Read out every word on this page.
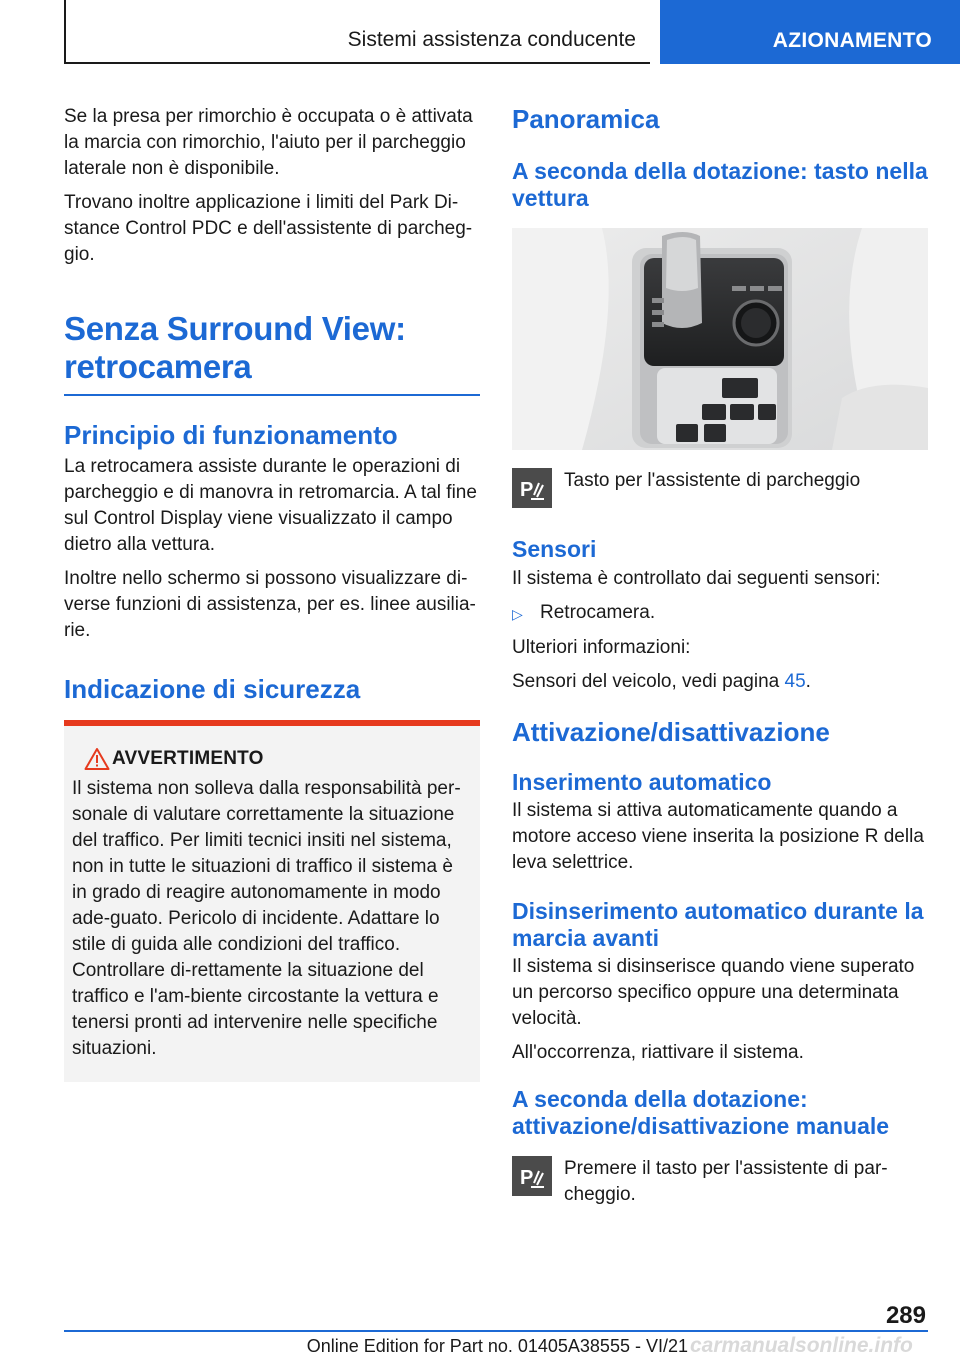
Sistemi assistenza conducente	AZIONAMENTO

Se la presa per rimorchio è occupata o è attivata la marcia con rimorchio, l'aiuto per il parcheggio laterale non è disponibile.

Trovano inoltre applicazione i limiti del Park Di‐stance Control PDC e dell'assistente di parcheg‐gio.

Senza Surround View: retrocamera
Principio di funzionamento

La retrocamera assiste durante le operazioni di parcheggio e di manovra in retromarcia. A tal fine sul Control Display viene visualizzato il campo dietro alla vettura.

Inoltre nello schermo si possono visualizzare di‐verse funzioni di assistenza, per es. linee ausilia‐rie.

Indicazione di sicurezza
AVVERTIMENTO

Il sistema non solleva dalla responsabilità per‐sonale di valutare correttamente la situazione del traffico. Per limiti tecnici insiti nel sistema, non in tutte le situazioni di traffico il sistema è in grado di reagire autonomamente in modo ade‐guato. Pericolo di incidente. Adattare lo stile di guida alle condizioni del traffico. Controllare di‐rettamente la situazione del traffico e l'am‐biente circostante la vettura e tenersi pronti ad intervenire nelle specifiche situazioni.

Panoramica
A seconda della dotazione: tasto nella vettura
P Tasto per l'assistente di parcheggio
Sensori

Il sistema è controllato dai seguenti sensori:

▷ Retrocamera.

Ulteriori informazioni:

Sensori del veicolo, vedi pagina 45.

Attivazione/disattivazione
Inserimento automatico

Il sistema si attiva automaticamente quando a motore acceso viene inserita la posizione R della leva selettrice.

Disinserimento automatico durante la marcia avanti

Il sistema si disinserisce quando viene superato un percorso specifico oppure una determinata velocità.

All'occorrenza, riattivare il sistema.

A seconda della dotazione: attivazione/disattivazione manuale
P Premere il tasto per l'assistente di par‐cheggio.
289
Online Edition for Part no. 01405A38555 - VI/21 carmanualsonline.info
